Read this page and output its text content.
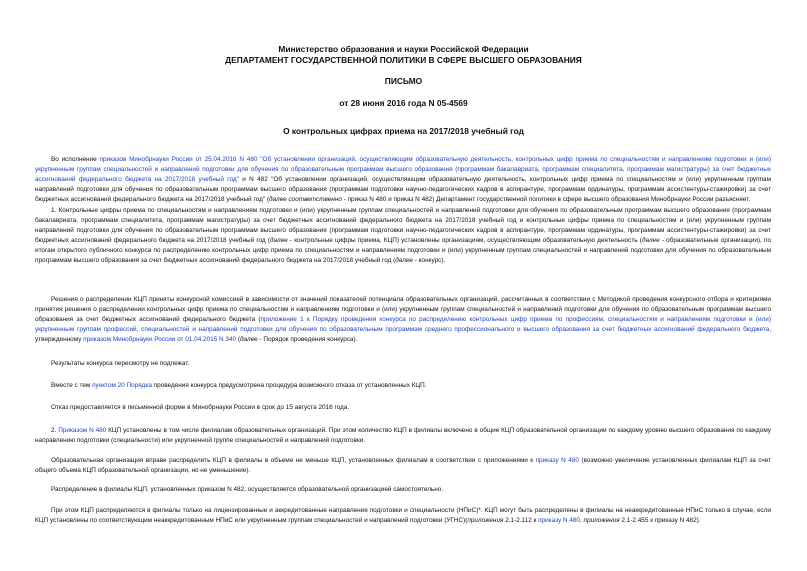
Министерство образования и науки Российской Федерации
ДЕПАРТАМЕНТ ГОСУДАРСТВЕННОЙ ПОЛИТИКИ В СФЕРЕ ВЫСШЕГО ОБРАЗОВАНИЯ
ПИСЬМО
от 28 июня 2016 года N 05-4569
О контрольных цифрах приема на 2017/2018 учебный год
Во исполнение приказов Минобрнауки России от 25.04.2016 N 480 "Об установлении организаций, осуществляющим образовательную деятельность, контрольных цифр приема по специальностям и направлениям подготовки и (или) укрупненным группам специальностей и направлений подготовки для обучения по образовательным программам высшего образования (программам бакалавриата, программам специалитета, программам магистратуры) за счет бюджетных ассигнований федерального бюджета на 2017/2018 учебный год" и N 482 "Об установлении организаций, осуществляющим образовательную деятельность, контрольных цифр приема по специальностям и (или) укрупненным группам направлений подготовки для обучения по образовательным программам высшего образования (программам подготовки научно-педагогических кадров в аспирантуре, программам ординатуры, программам ассистентуры-стажировки) за счет бюджетных ассигнований федерального бюджета на 2017/2018 учебный год" (далее соответственно - приказ N 480 и приказ N 482) Департамент государственной политики в сфере высшего образования Минобрнауки России разъясняет.
1. Контрольные цифры приема по специальностям и направлениям подготовки и (или) укрупненным группам специальностей и направлений подготовки для обучения по образовательным программам высшего образования (программам бакалавриата, программам специалитета, программам магистратуры) за счет бюджетных ассигнований федерального бюджета на 2017/2018 учебный год и контрольные цифры приема по специальностям и (или) укрупненным группам направлений подготовки для обучения по образовательным программам высшего образования (программам подготовки научно-педагогических кадров в аспирантуре, программам ординатуры, программам ассистентуры-стажировки) за счет бюджетных ассигнований федерального бюджета на 2017/2018 учебный год (далее - контрольные цифры приема, КЦП) установлены организациям, осуществляющим образовательную деятельность (далее - образовательные организации), по итогам открытого публичного конкурса по распределению контрольных цифр приема по специальностям и направлениям подготовки и (или) укрупненным группам специальностей и направлений подготовки для обучения по образовательным программам высшего образования за счет бюджетных ассигнований федерального бюджета на 2017/2018 учебный год (далее - конкурс).
Решения о распределении КЦП приняты конкурсной комиссией в зависимости от значений показателей потенциала образовательных организаций, рассчитанных в соответствии с Методикой проведения конкурсного отбора и критериями принятия решения о распределении контрольных цифр приема по специальностям и направлениям подготовки и (или) укрупненным группам специальностей и направлений подготовки для обучения по образовательным программам высшего образования за счет бюджетных ассигнований федерального бюджета (приложение 1 к Порядку проведения конкурса по распределению контрольных цифр приема по профессиям, специальностям и направлениям подготовки и (или) укрупненным группам профессий, специальностей и направлений подготовки для обучения по образовательным программам среднего профессионального и высшего образования за счет бюджетных ассигнований федерального бюджета, утвержденному приказом Минобрнауки России от 01.04.2015 N 340 (далее - Порядок проведения конкурса).
Результаты конкурса пересмотру не подлежат.
Вместе с тем пунктом 20 Порядка проведения конкурса предусмотрена процедура возможного отказа от установленных КЦП.
Отказ предоставляется в письменной форме в Минобрнауки России в срок до 15 августа 2016 года.
2. Приказом N 480 КЦП установлены в том числе филиалам образовательных организаций. При этом количество КЦП в филиалы включено в общие КЦП образовательной организации по каждому уровню высшего образования по каждому направлению подготовки (специальности) или укрупненной группе специальностей и направлений подготовки.
Образовательная организация вправе распределить КЦП в филиалы в объеме не меньше КЦП, установленных филиалам в соответствии с приложениями к приказу N 480 (возможно увеличение установленных филиалам КЦП за счет общего объема КЦП образовательной организации, но не уменьшение).
Распределение в филиалы КЦП, установленных приказом N 482, осуществляется образовательной организацией самостоятельно.
При этом КЦП распределяются в филиалы только на лицензированные и аккредитованные направления подготовки и специальности (НПиС)*. КЦП могут быть распределены в филиалы на неаккредитованные НПиС только в случае, если КЦП установлены по соответствующим неаккредитованным НПиС или укрупненным группам специальностей и направлений подготовки (УГНС)(приложения 2.1-2.112 к приказу N 480, приложения 2.1-2.455 к приказу N 482).
